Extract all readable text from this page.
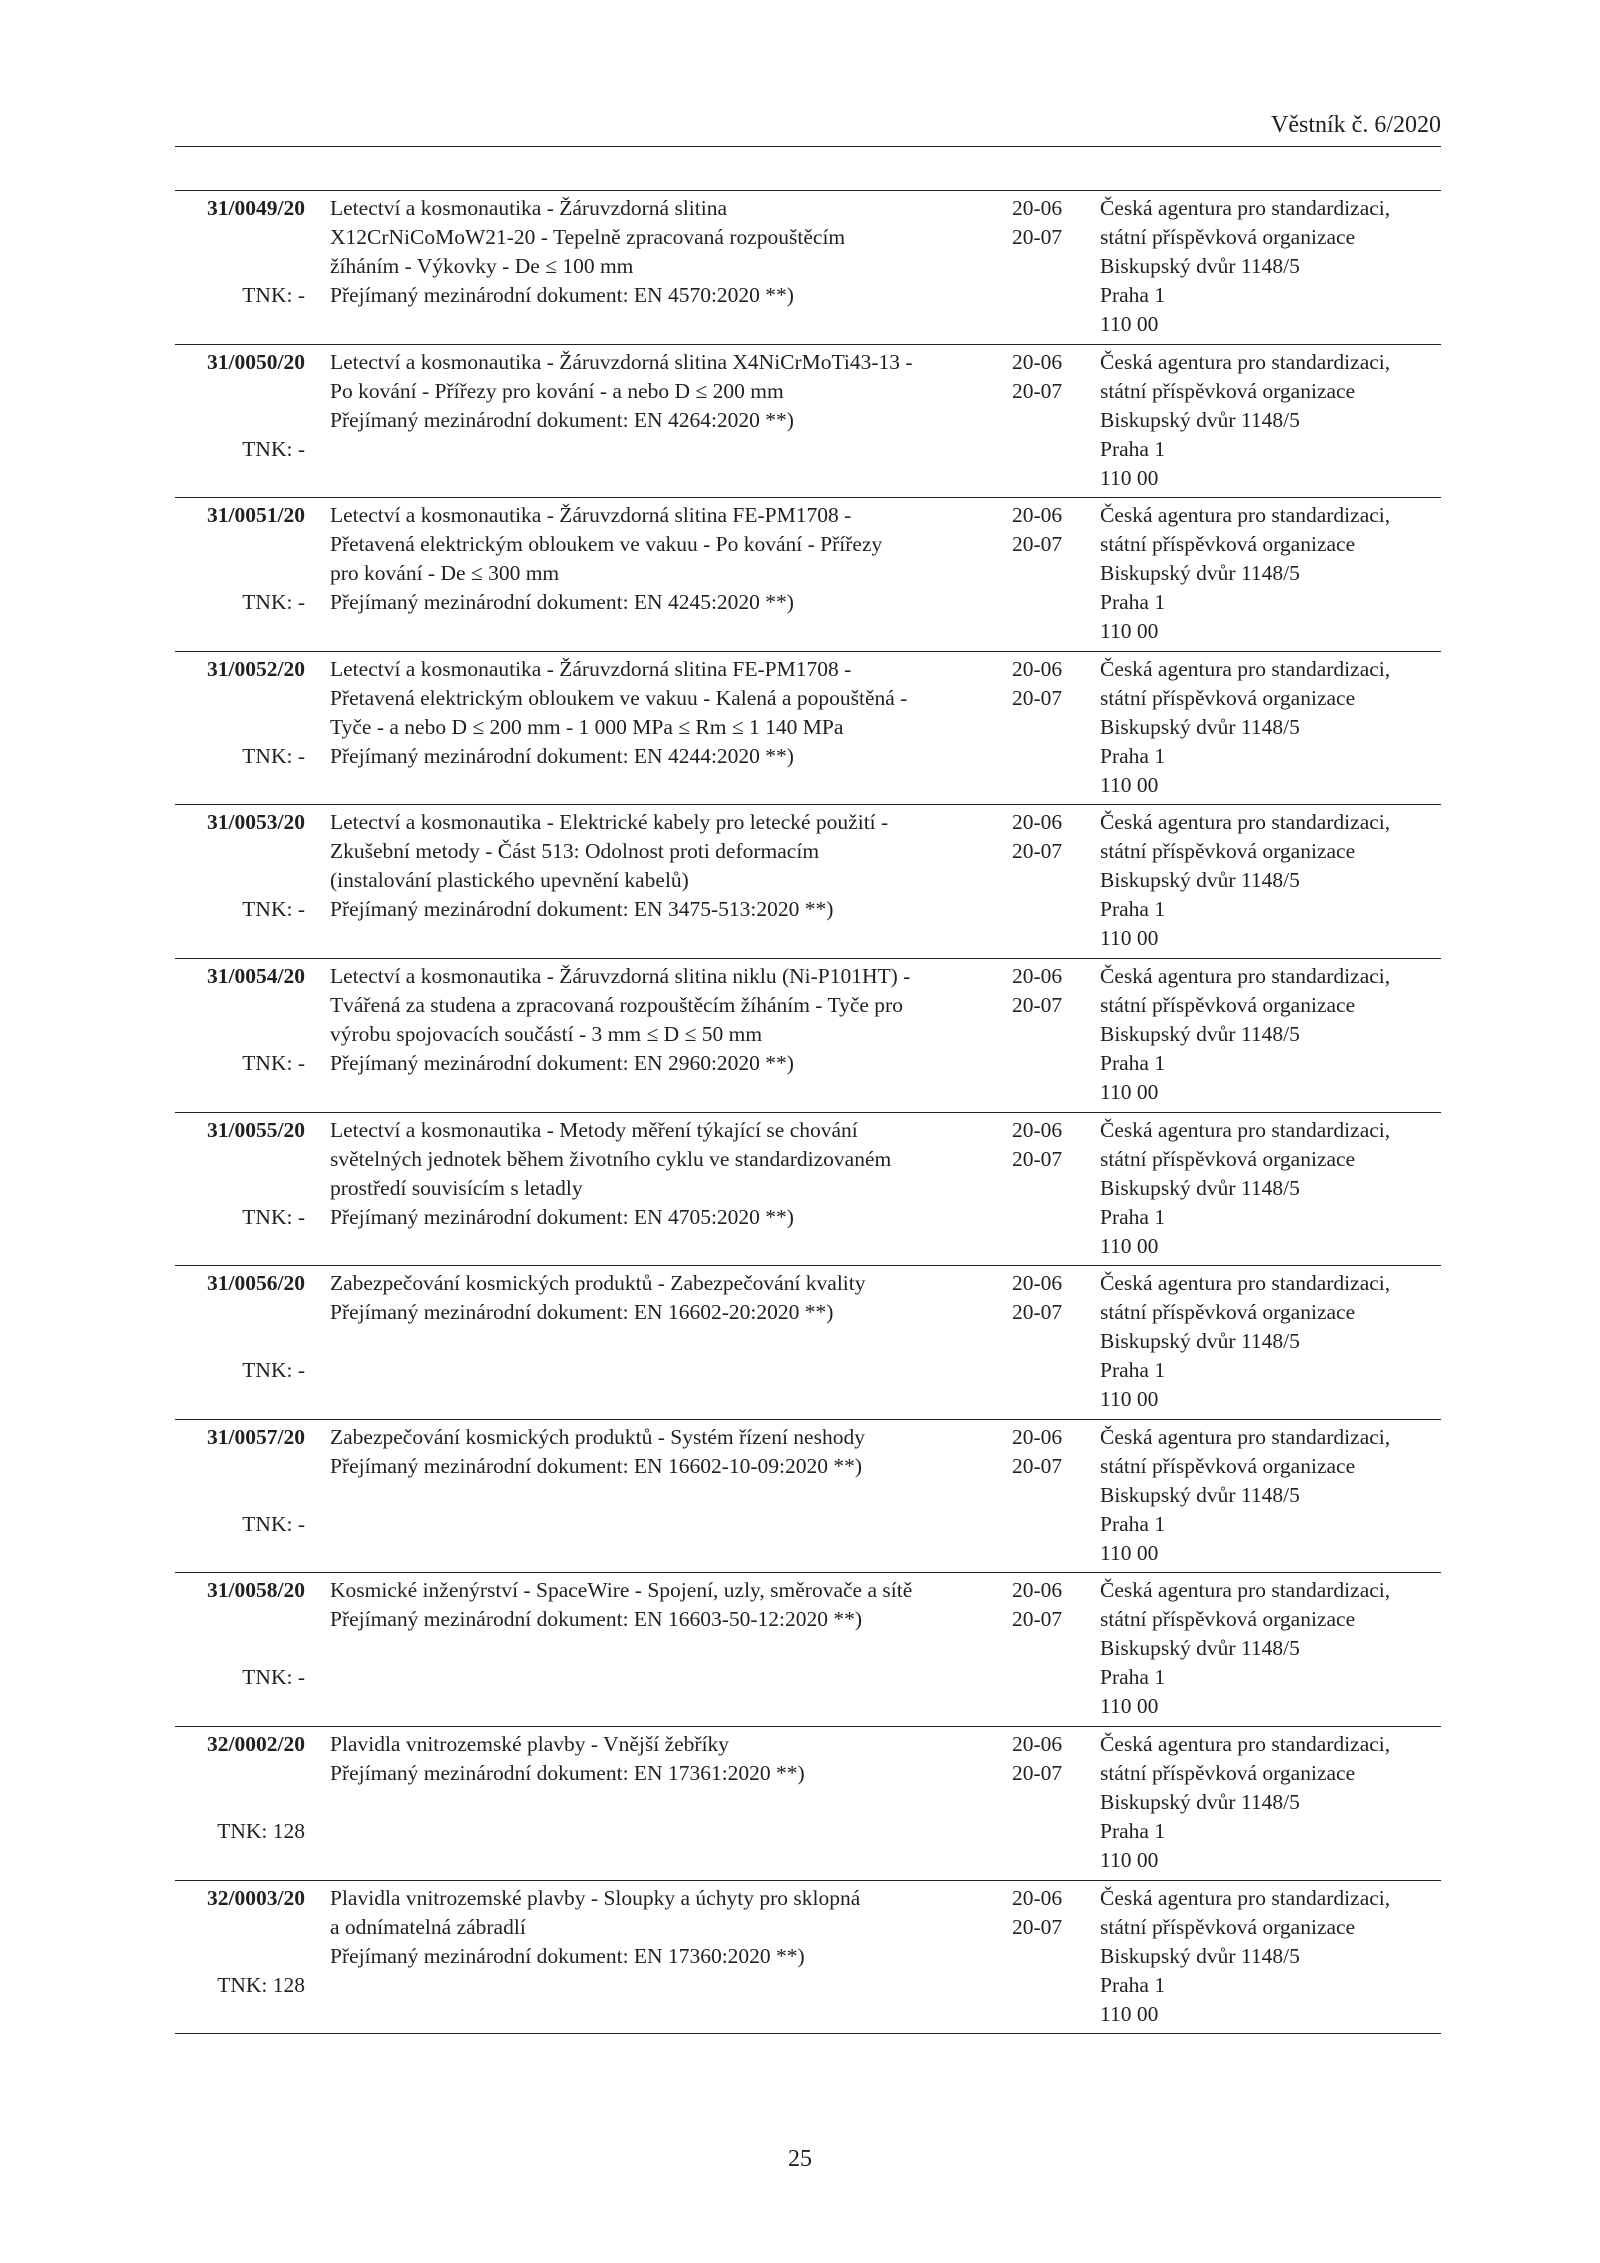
Věstník č. 6/2020
31/0049/20
TNK: -
Letectví a kosmonautika - Žáruvzdorná slitina
X12CrNiCoMoW21-20 - Tepelně zpracovaná rozpouštěcím
žíháním - Výkovky - De ≤ 100 mm
Přejímaný mezinárodní dokument: EN 4570:2020 **)
20-06
20-07
Česká agentura pro standardizaci,
státní příspěvková organizace
Biskupský dvůr 1148/5
Praha 1
110 00
31/0050/20
TNK: -
Letectví a kosmonautika - Žáruvzdorná slitina X4NiCrMoTi43-13 -
Po kování - Přířezy pro kování - a nebo D ≤ 200 mm
Přejímaný mezinárodní dokument: EN 4264:2020 **)
20-06
20-07
Česká agentura pro standardizaci,
státní příspěvková organizace
Biskupský dvůr 1148/5
Praha 1
110 00
31/0051/20
TNK: -
Letectví a kosmonautika - Žáruvzdorná slitina FE-PM1708 -
Přetavená elektrickým obloukem ve vakuu - Po kování - Přířezy
pro kování - De ≤ 300 mm
Přejímaný mezinárodní dokument: EN 4245:2020 **)
20-06
20-07
Česká agentura pro standardizaci,
státní příspěvková organizace
Biskupský dvůr 1148/5
Praha 1
110 00
31/0052/20
TNK: -
Letectví a kosmonautika - Žáruvzdorná slitina FE-PM1708 -
Přetavená elektrickým obloukem ve vakuu - Kalená a popouštěná -
Tyče - a nebo D ≤ 200 mm - 1 000 MPa ≤ Rm ≤ 1 140 MPa
Přejímaný mezinárodní dokument: EN 4244:2020 **)
20-06
20-07
Česká agentura pro standardizaci,
státní příspěvková organizace
Biskupský dvůr 1148/5
Praha 1
110 00
31/0053/20
TNK: -
Letectví a kosmonautika - Elektrické kabely pro letecké použití -
Zkušební metody - Část 513: Odolnost proti deformacím
(instalování plastického upevnění kabelů)
Přejímaný mezinárodní dokument: EN 3475-513:2020 **)
20-06
20-07
Česká agentura pro standardizaci,
státní příspěvková organizace
Biskupský dvůr 1148/5
Praha 1
110 00
31/0054/20
TNK: -
Letectví a kosmonautika - Žáruvzdorná slitina niklu (Ni-P101HT) -
Tvářená za studena a zpracovaná rozpouštěcím žíháním - Tyče pro
výrobu spojovacích součástí - 3 mm ≤ D ≤ 50 mm
Přejímaný mezinárodní dokument: EN 2960:2020 **)
20-06
20-07
Česká agentura pro standardizaci,
státní příspěvková organizace
Biskupský dvůr 1148/5
Praha 1
110 00
31/0055/20
TNK: -
Letectví a kosmonautika - Metody měření týkající se chování
světelných jednotek během životního cyklu ve standardizovaném
prostředí souvisícím s letadly
Přejímaný mezinárodní dokument: EN 4705:2020 **)
20-06
20-07
Česká agentura pro standardizaci,
státní příspěvková organizace
Biskupský dvůr 1148/5
Praha 1
110 00
31/0056/20
TNK: -
Zabezpečování kosmických produktů - Zabezpečování kvality
Přejímaný mezinárodní dokument: EN 16602-20:2020 **)
20-06
20-07
Česká agentura pro standardizaci,
státní příspěvková organizace
Biskupský dvůr 1148/5
Praha 1
110 00
31/0057/20
TNK: -
Zabezpečování kosmických produktů - Systém řízení neshody
Přejímaný mezinárodní dokument: EN 16602-10-09:2020 **)
20-06
20-07
Česká agentura pro standardizaci,
státní příspěvková organizace
Biskupský dvůr 1148/5
Praha 1
110 00
31/0058/20
TNK: -
Kosmické inženýrství - SpaceWire - Spojení, uzly, směrovače a sítě
Přejímaný mezinárodní dokument: EN 16603-50-12:2020 **)
20-06
20-07
Česká agentura pro standardizaci,
státní příspěvková organizace
Biskupský dvůr 1148/5
Praha 1
110 00
32/0002/20
TNK: 128
Plavidla vnitrozemské plavby - Vnější žebříky
Přejímaný mezinárodní dokument: EN 17361:2020 **)
20-06
20-07
Česká agentura pro standardizaci,
státní příspěvková organizace
Biskupský dvůr 1148/5
Praha 1
110 00
32/0003/20
TNK: 128
Plavidla vnitrozemské plavby - Sloupky a úchyty pro sklopná
a odnímatelná zábradlí
Přejímaný mezinárodní dokument: EN 17360:2020 **)
20-06
20-07
Česká agentura pro standardizaci,
státní příspěvková organizace
Biskupský dvůr 1148/5
Praha 1
110 00
25
